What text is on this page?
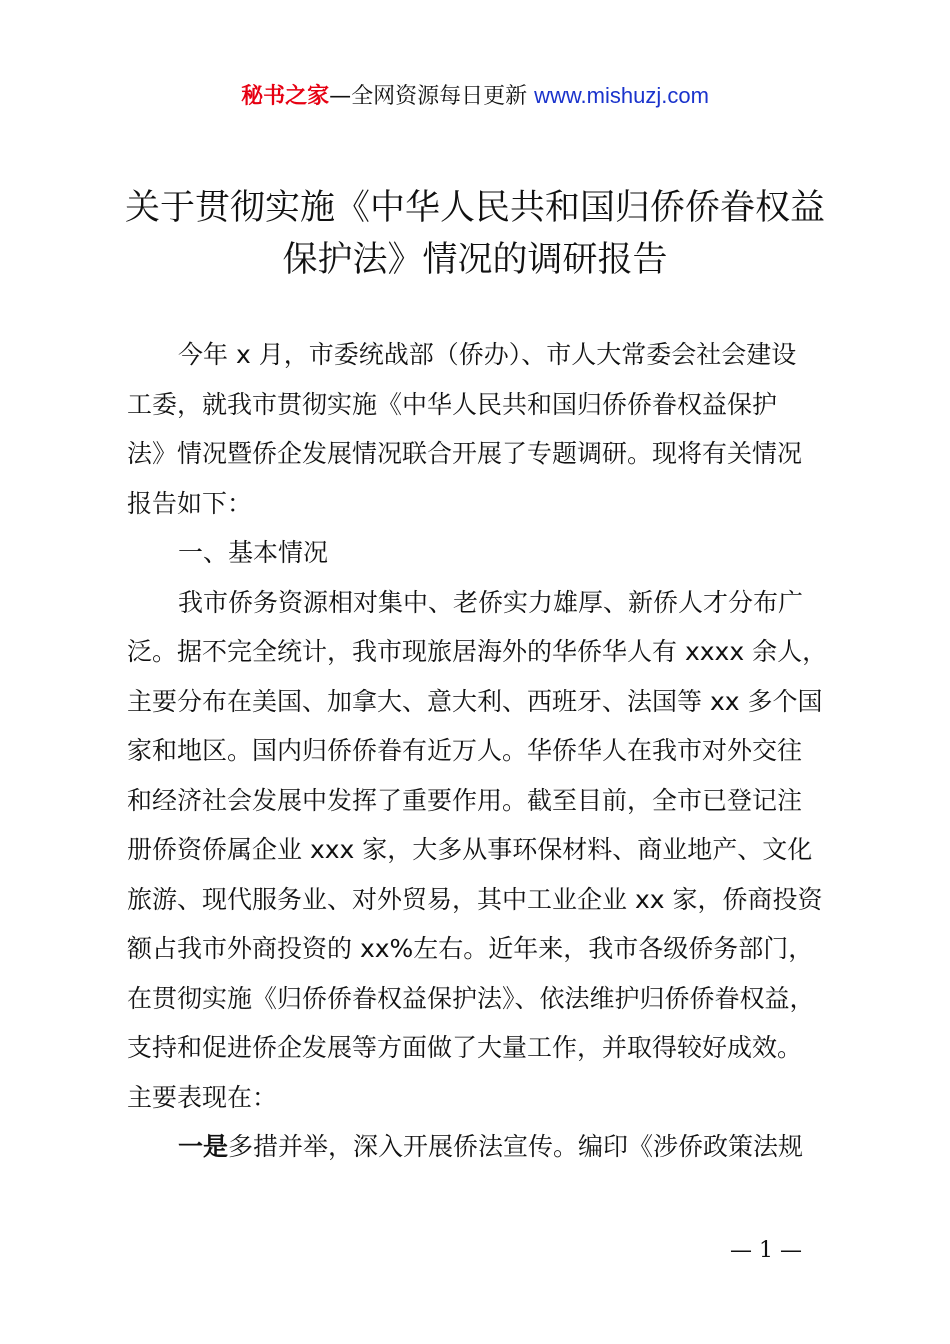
秘书之家—全网资源每日更新 www.mishuzj.com
关于贯彻实施《中华人民共和国归侨侨眷权益
保护法》情况的调研报告
今年 x 月，市委统战部（侨办）、市人大常委会社会建设
工委，就我市贯彻实施《中华人民共和国归侨侨眷权益保护
法》情况暨侨企发展情况联合开展了专题调研。现将有关情况
报告如下：
一、基本情况
我市侨务资源相对集中、老侨实力雄厚、新侨人才分布广
泛。据不完全统计，我市现旅居海外的华侨华人有 xxxx 余人，
主要分布在美国、加拿大、意大利、西班牙、法国等 xx 多个国
家和地区。国内归侨侨眷有近万人。华侨华人在我市对外交往
和经济社会发展中发挥了重要作用。截至目前，全市已登记注
册侨资侨属企业 xxx 家，大多从事环保材料、商业地产、文化
旅游、现代服务业、对外贸易，其中工业企业 xx 家，侨商投资
额占我市外商投资的 xx%左右。近年来，我市各级侨务部门，
在贯彻实施《归侨侨眷权益保护法》、依法维护归侨侨眷权益，
支持和促进侨企发展等方面做了大量工作，并取得较好成效。
主要表现在：
一是多措并举，深入开展侨法宣传。编印《涉侨政策法规
— 1 —
